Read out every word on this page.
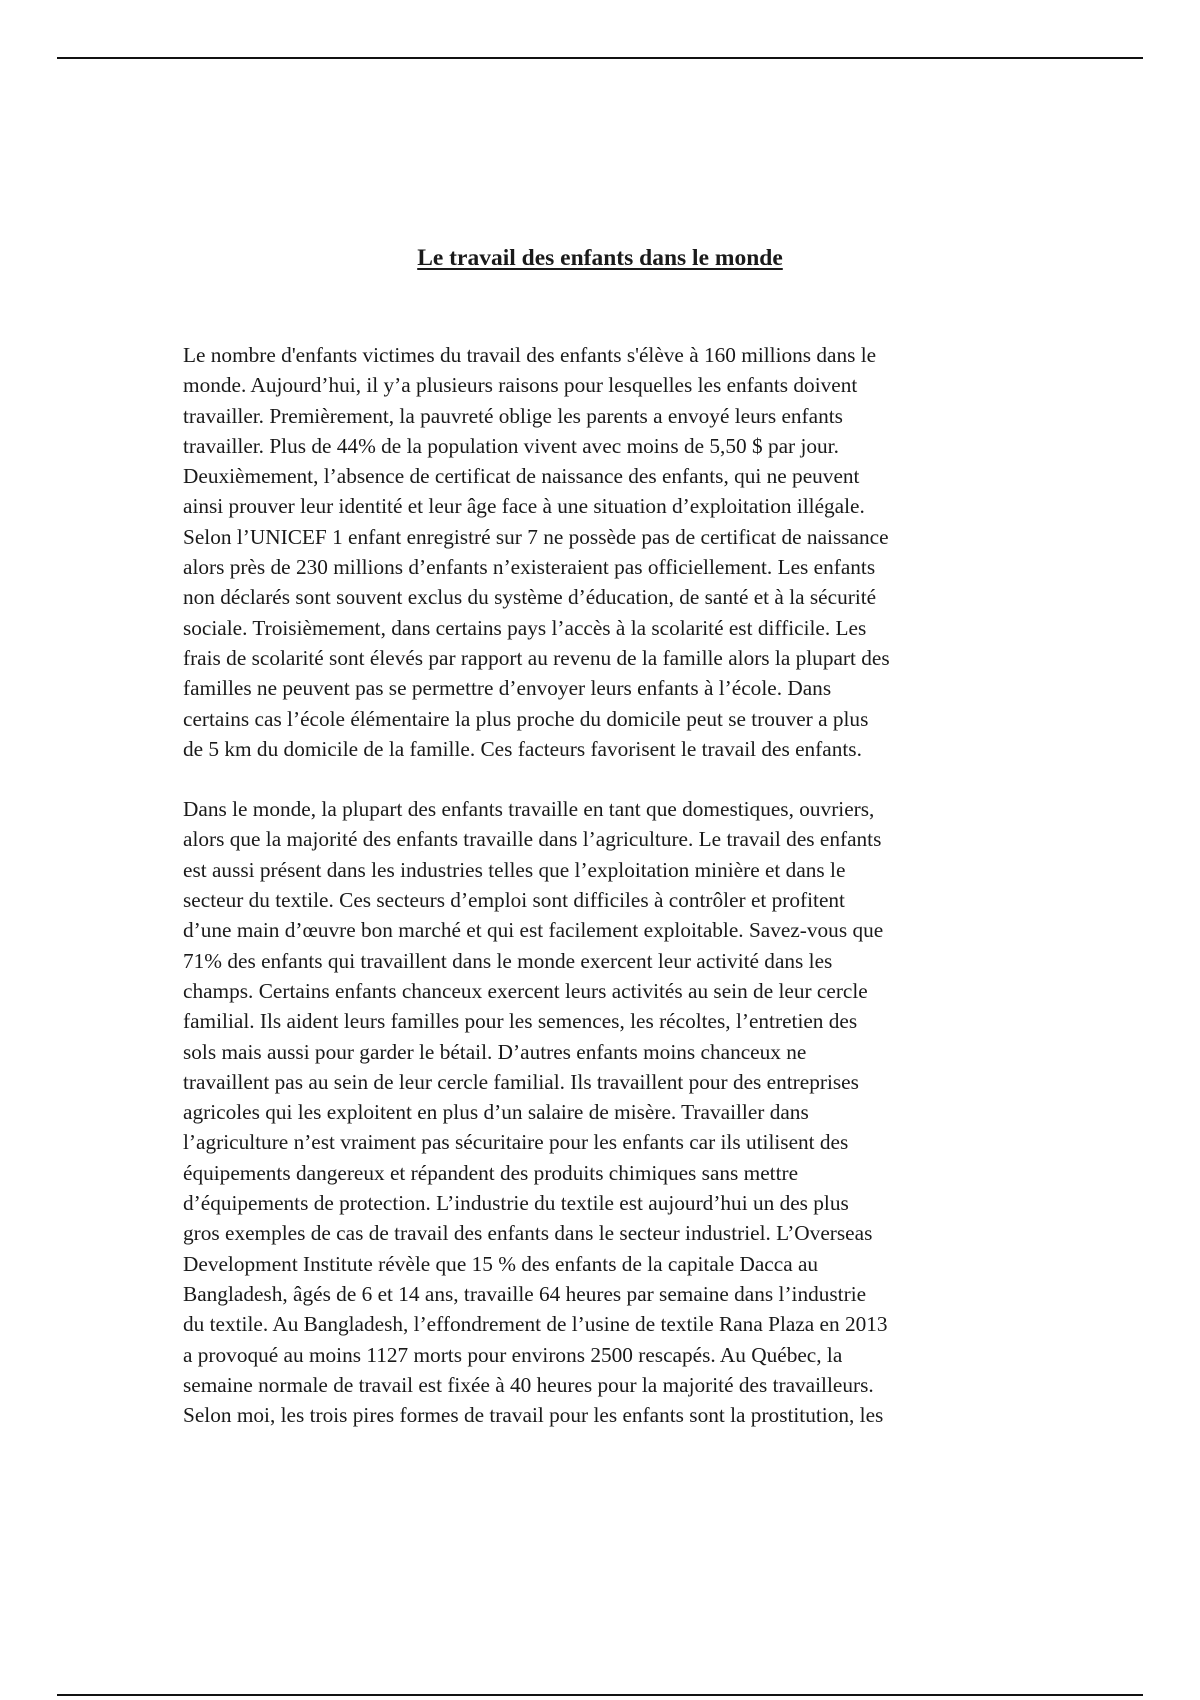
Le travail des enfants dans le monde

Le nombre d'enfants victimes du travail des enfants s'élève à 160 millions dans le
monde. Aujourd’hui, il y’a plusieurs raisons pour lesquelles les enfants doivent
travailler. Premièrement, la pauvreté oblige les parents a envoyé leurs enfants
travailler. Plus de 44% de la population vivent avec moins de 5,50 $ par jour.
Deuxièmement, l’absence de certificat de naissance des enfants, qui ne peuvent
ainsi prouver leur identité et leur âge face à une situation d’exploitation illégale.
Selon l’UNICEF 1 enfant enregistré sur 7 ne possède pas de certificat de naissance
alors près de 230 millions d’enfants n’existeraient pas officiellement. Les enfants
non déclarés sont souvent exclus du système d’éducation, de santé et à la sécurité
sociale. Troisièmement, dans certains pays l’accès à la scolarité est difficile. Les
frais de scolarité sont élevés par rapport au revenu de la famille alors la plupart des
familles ne peuvent pas se permettre d’envoyer leurs enfants à l’école. Dans
certains cas l’école élémentaire la plus proche du domicile peut se trouver a plus
de 5 km du domicile de la famille. Ces facteurs favorisent le travail des enfants.

Dans le monde, la plupart des enfants travaille en tant que domestiques, ouvriers,
alors que la majorité des enfants travaille dans l’agriculture. Le travail des enfants
est aussi présent dans les industries telles que l’exploitation minière et dans le
secteur du textile. Ces secteurs d’emploi sont difficiles à contrôler et profitent
d’une main d’œuvre bon marché et qui est facilement exploitable. Savez-vous que
71% des enfants qui travaillent dans le monde exercent leur activité dans les
champs. Certains enfants chanceux exercent leurs activités au sein de leur cercle
familial. Ils aident leurs familles pour les semences, les récoltes, l’entretien des
sols mais aussi pour garder le bétail. D’autres enfants moins chanceux ne
travaillent pas au sein de leur cercle familial. Ils travaillent pour des entreprises
agricoles qui les exploitent en plus d’un salaire de misère. Travailler dans
l’agriculture n’est vraiment pas sécuritaire pour les enfants car ils utilisent des
équipements dangereux et répandent des produits chimiques sans mettre
d’équipements de protection. L’industrie du textile est aujourd’hui un des plus
gros exemples de cas de travail des enfants dans le secteur industriel. L’Overseas
Development Institute révèle que 15 % des enfants de la capitale Dacca au
Bangladesh, âgés de 6 et 14 ans, travaille 64 heures par semaine dans l’industrie
du textile. Au Bangladesh, l’effondrement de l’usine de textile Rana Plaza en 2013
a provoqué au moins 1127 morts pour environs 2500 rescapés. Au Québec, la
semaine normale de travail est fixée à 40 heures pour la majorité des travailleurs.
Selon moi, les trois pires formes de travail pour les enfants sont la prostitution, les
